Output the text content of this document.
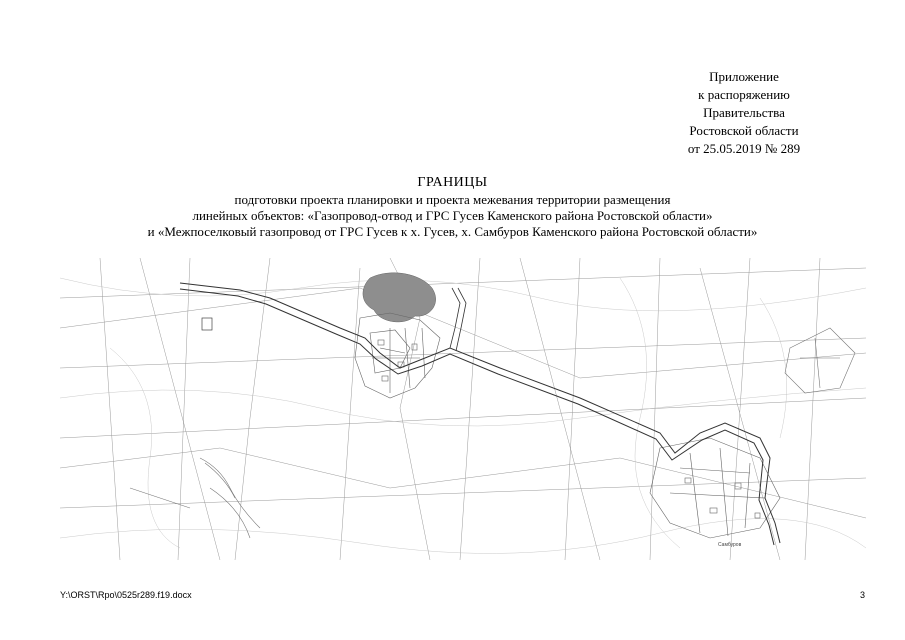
Приложение
к распоряжению
Правительства
Ростовской области
от 25.05.2019 № 289
ГРАНИЦЫ
подготовки проекта планировки и проекта межевания территории размещения
линейных объектов: «Газопровод-отвод и ГРС Гусев Каменского района Ростовской области»
и «Межпоселковый газопровод от ГРС Гусев к х. Гусев, х. Самбуров Каменского района Ростовской области»
Самбуров
Y:\ORST\Rpo\0525r289.f19.docx	3
